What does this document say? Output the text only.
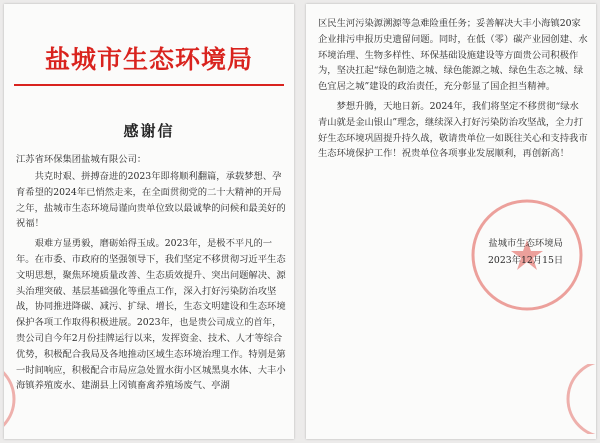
盐城市生态环境局
感谢信
江苏省环保集团盐城有限公司：

共克时艰、拼搏奋进的2023年即将顺利翻篇，承载梦想、孕育希望的2024年已悄然走来，在全面贯彻党的二十大精神的开局之年，盐城市生态环境局谨向贵单位致以最诚挚的问候和最美好的祝福！

艰难方显勇毅，磨砺始得玉成。2023年，是极不平凡的一年。在市委、市政府的坚强领导下，我们坚定不移贯彻习近平生态文明思想，聚焦环境质量改善、生态质效提升、突出问题解决、源头治理突破、基层基础强化等重点工作，深入打好污染防治攻坚战，协同推进降碳、减污、扩绿、增长，生态文明建设和生态环境保护各项工作取得积极进展。2023年，也是贵公司成立的首年，贵公司自今年2月份挂牌运行以来，发挥资金、技术、人才等综合优势，积极配合我局及各地推动区域生态环境治理工作。特别是第一时间响应，积极配合市局应急处置水街小区城黑臭水体、大丰小海镇养殖废水、建湖县上冈镇畜禽养殖场废气、亭湖

区民生河污染源溯源等急难险重任务；妥善解决大丰小海镇20家企业排污申报历史遗留问题。同时，在低（零）碳产业园创建、水环境治理、生物多样性、环保基础设施建设等方面贵公司积极作为，坚决扛起“绿色制造之城、绿色能源之城、绿色生态之城、绿色宜居之城”建设的政治责任，充分彰显了国企担当精神。

梦想升腾，天地日新。2024年，我们将坚定不移贯彻“绿水青山就是金山银山”理念，继续深入打好污染防治攻坚战，全力打好生态环境巩固提升持久战，敬请贵单位一如既往关心和支持我市生态环境保护工作！祝贵单位各项事业发展顺利，再创新高！

盐城市生态环境局
2023年12月15日
